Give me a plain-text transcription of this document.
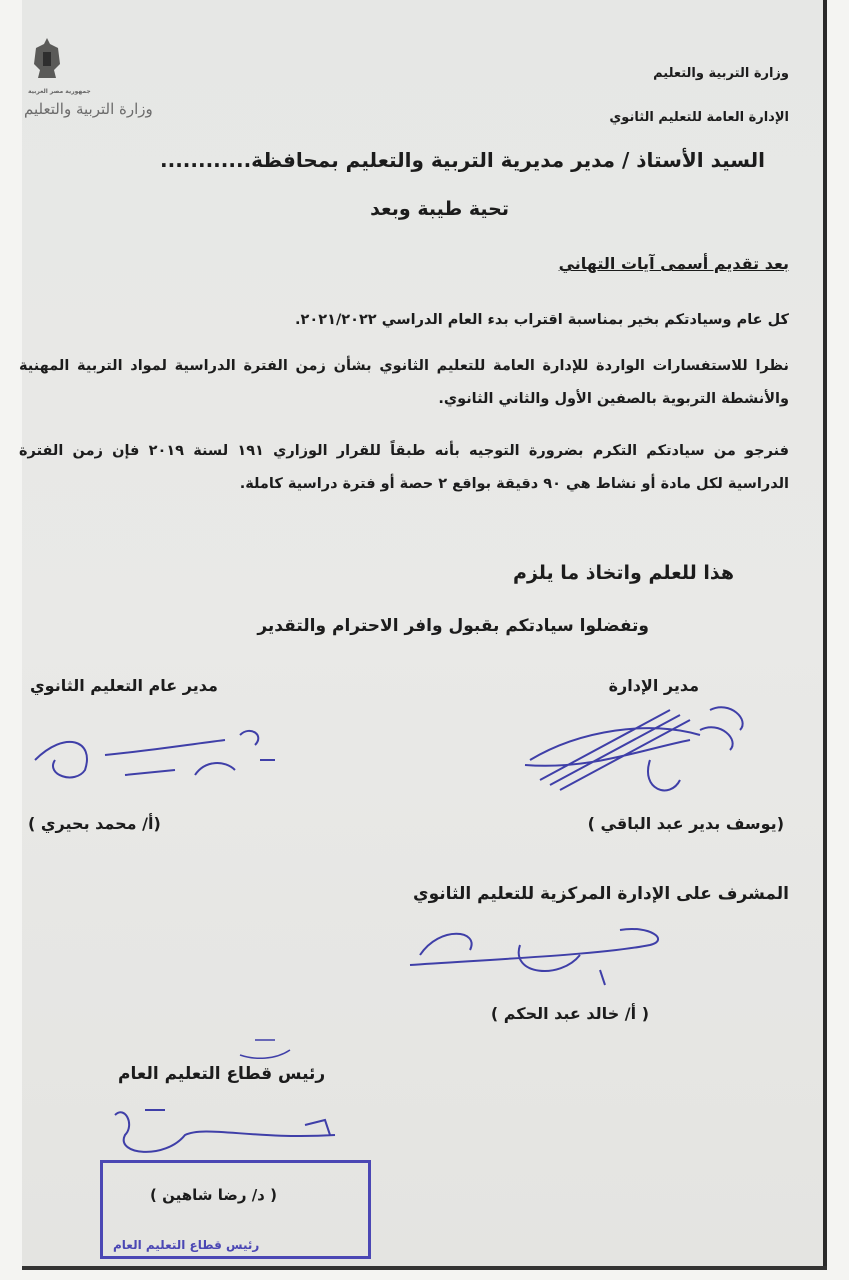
جمهورية مصر العربية
وزارة التربية والتعليم
وزارة التربية والتعليم
الإدارة العامة للتعليم الثانوي
السيد الأستاذ / مدير مديرية التربية والتعليم بمحافظة............
تحية طيبة وبعد
بعد تقديم أسمى آيات التهاني
كل عام وسيادتكم بخير بمناسبة اقتراب بدء العام الدراسي ٢٠٢١/٢٠٢٢.
نظرا للاستفسارات الواردة للإدارة العامة للتعليم الثانوي بشأن زمن الفترة الدراسية لمواد التربية المهنية والأنشطة التربوية بالصفين الأول والثاني الثانوي.
فنرجو من سيادتكم التكرم بضرورة التوجيه بأنه طبقاً للقرار الوزاري ١٩١ لسنة ٢٠١٩ فإن زمن الفترة الدراسية لكل مادة أو نشاط هي ٩٠ دقيقة بواقع ٢ حصة أو فترة دراسية كاملة.
هذا للعلم واتخاذ ما يلزم
وتفضلوا سيادتكم بقبول وافر الاحترام والتقدير
مدير الإدارة
(يوسف بدير عبد الباقي )
مدير عام التعليم الثانوي
(أ/ محمد بحيري )
المشرف على الإدارة المركزية للتعليم الثانوي
( أ/ خالد عبد الحكم )
رئيس قطاع التعليم العام
رئيس قطاع التعليم العام
( د/ رضا شاهين )
